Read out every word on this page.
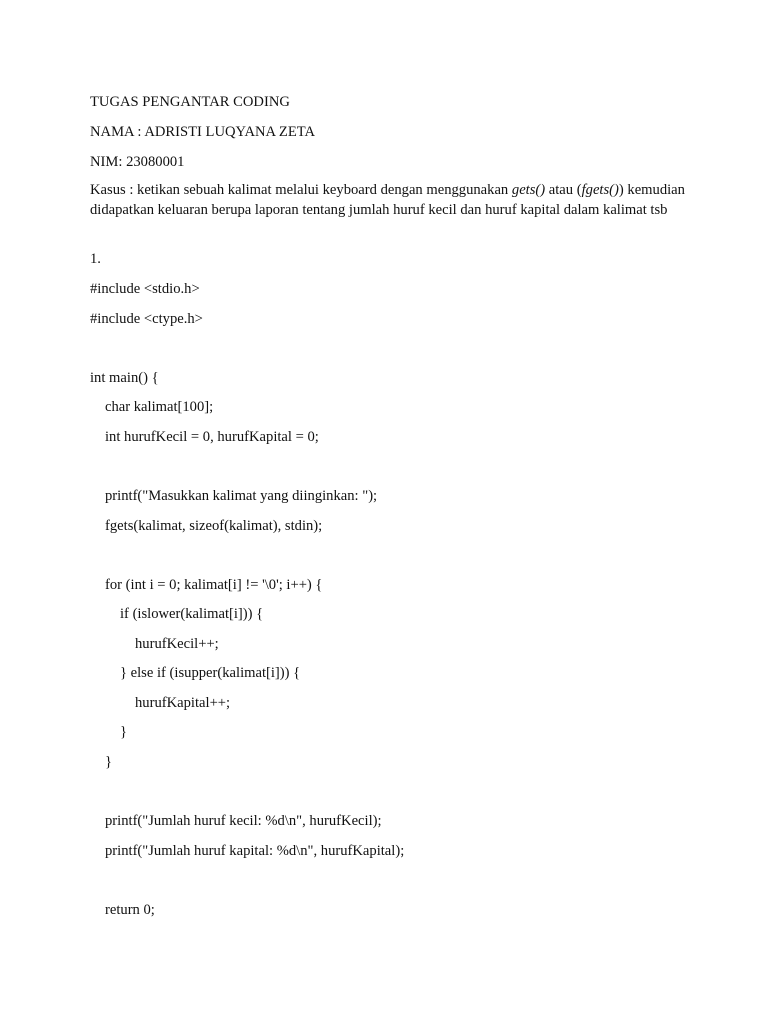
TUGAS PENGANTAR CODING

NAMA : ADRISTI LUQYANA ZETA

NIM: 23080001

Kasus : ketikan sebuah kalimat melalui keyboard dengan menggunakan gets() atau (fgets()) kemudian didapatkan keluaran berupa laporan tentang jumlah huruf kecil dan huruf kapital dalam kalimat tsb

1.

#include <stdio.h>

#include <ctype.h>

int main() {

char kalimat[100];

int hurufKecil = 0, hurufKapital = 0;

printf("Masukkan kalimat yang diinginkan: ");

fgets(kalimat, sizeof(kalimat), stdin);

for (int i = 0; kalimat[i] != '\0'; i++) {

if (islower(kalimat[i])) {

hurufKecil++;

} else if (isupper(kalimat[i])) {

hurufKapital++;

}

}

printf("Jumlah huruf kecil: %d\n", hurufKecil);

printf("Jumlah huruf kapital: %d\n", hurufKapital);

return 0;
